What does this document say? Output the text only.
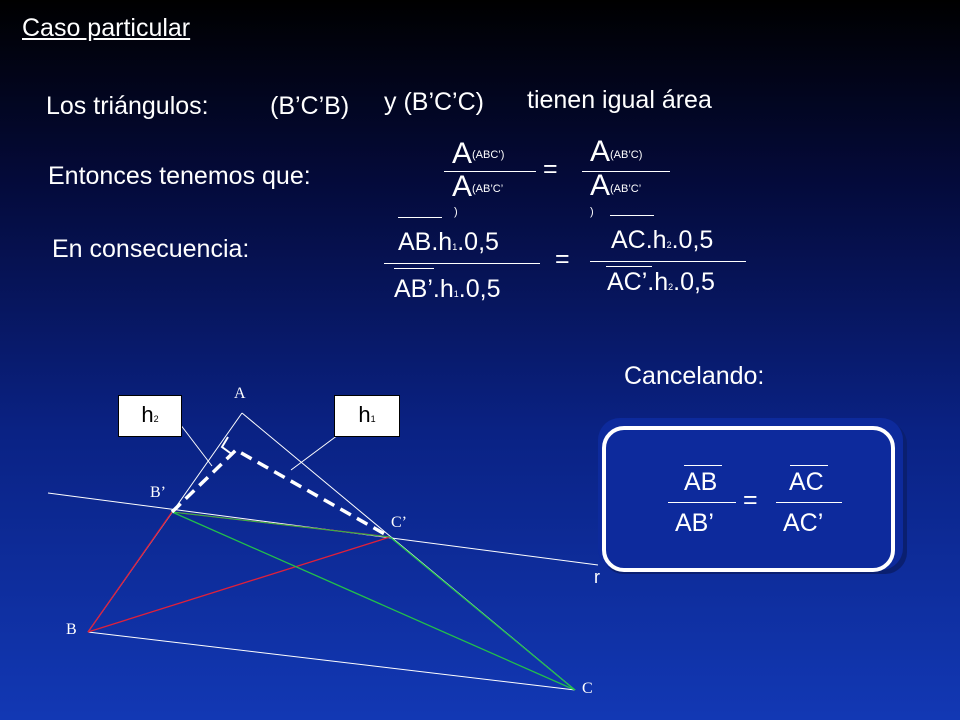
Caso particular
Los triángulos: (B’C’B) y (B’C’C) tienen igual área
Entonces tenemos que:
A (ABC’)
A (AB’C’
)
=
A (AB’C)
A (AB’C’
)
En consecuencia:	AB.h1.0,5
AB’.h1.0,5
=
AC.h2.0,5
AC’.h2.0,5
Cancelando:
AB
AB’
=
AC
AC’
h2	h1
A
B’
C’
B
C
r
